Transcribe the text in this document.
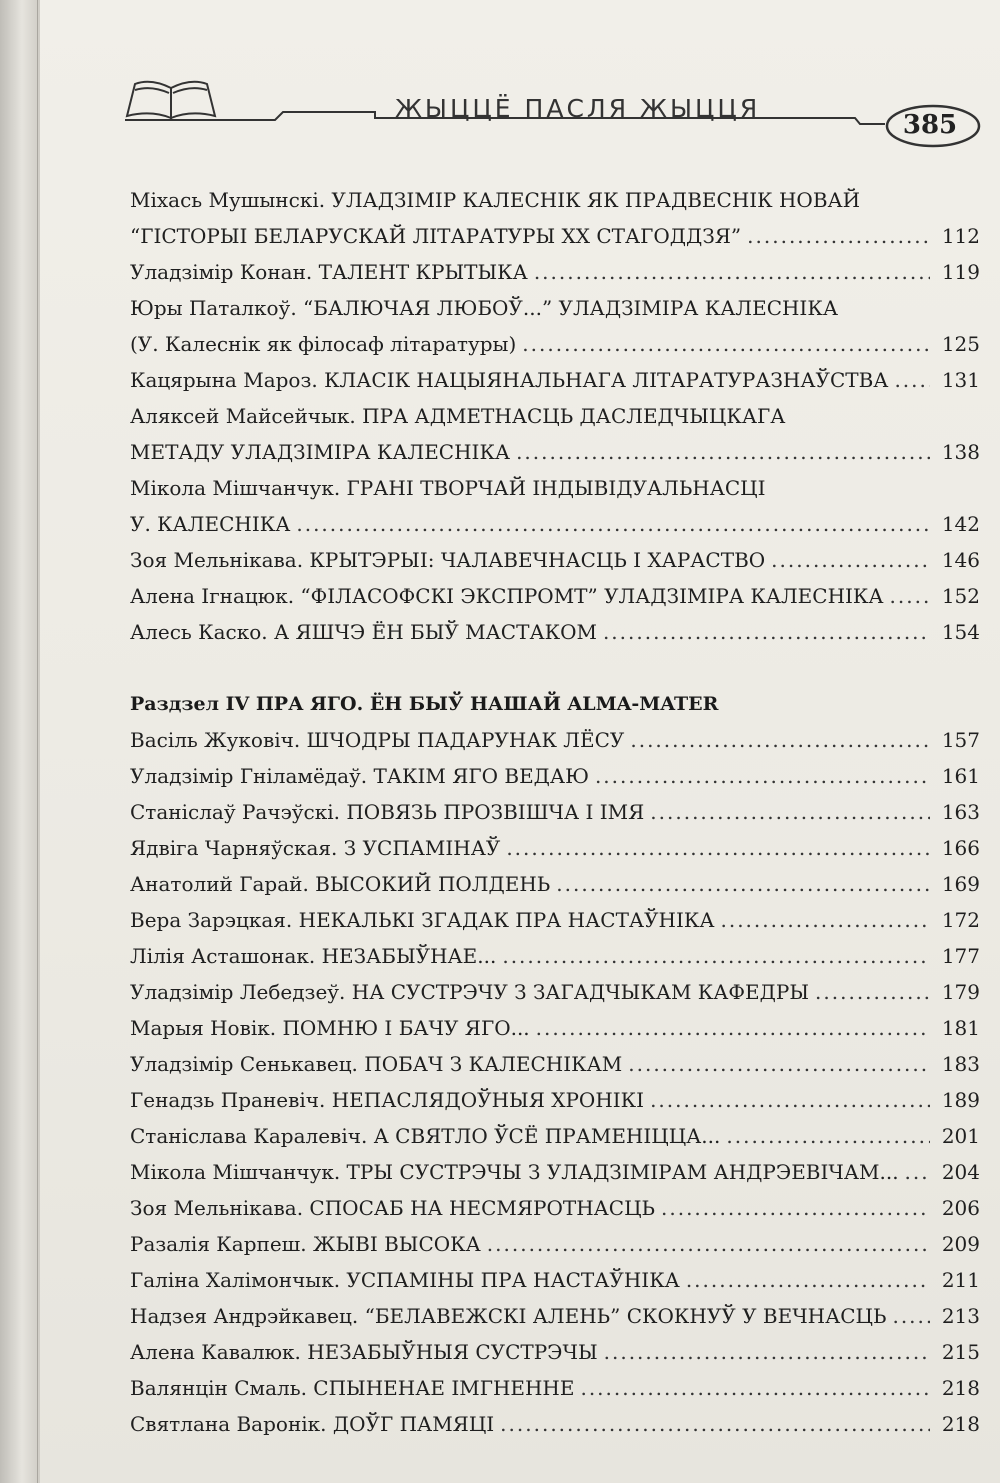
ЖЫЦЦЁ ПАСЛЯ ЖЫЦЦЯ
385
Міхась Мушынскі. УЛАДЗІМІР КАЛЕСНІК ЯК ПРАДВЕСНІК НОВАЙ
“ГІСТОРЫІ БЕЛАРУСКАЙ ЛІТАРАТУРЫ XX СТАГОДДЗЯ” .....	112
Уладзімір Конан. ТАЛЕНТ КРЫТЫКА .....	119
Юры Паталкоў. “БАЛЮЧАЯ ЛЮБОЎ...” УЛАДЗІМІРА КАЛЕСНІКА
(У. Калеснік як філосаф літаратуры) .....	125
Кацярына Мароз. КЛАСІК НАЦЫЯНАЛЬНАГА ЛІТАРАТУРАЗНАЎСТВА .....	131
Аляксей Майсейчык. ПРА АДМЕТНАСЦЬ ДАСЛЕДЧЫЦКАГА
МЕТАДУ УЛАДЗІМІРА КАЛЕСНІКА .....	138
Мікола Мішчанчук. ГРАНІ ТВОРЧАЙ ІНДЫВІДУАЛЬНАСЦІ
У. КАЛЕСНІКА .....	142
Зоя Мельнікава. КРЫТЭРЫІ: ЧАЛАВЕЧНАСЦЬ І ХАРАСТВО .....	146
Алена Ігнацюк. “ФІЛАСОФСКІ ЭКСПРОМТ” УЛАДЗІМІРА КАЛЕСНІКА .....	152
Алесь Каско. А ЯШЧЭ ЁН БЫЎ МАСТАКОМ .....	154
Раздзел IV ПРА ЯГО. ЁН БЫЎ НАШАЙ ALMA-MATER
Васіль Жуковіч. ШЧОДРЫ ПАДАРУНАК ЛЁСУ .....	157
Уладзімір Гніламёдаў. ТАКІМ ЯГО ВЕДАЮ .....	161
Станіслаў Рачэўскі. ПОВЯЗЬ ПРОЗВІШЧА І ІМЯ .....	163
Ядвіга Чарняўская. З УСПАМІНАЎ .....	166
Анатолий Гарай. ВЫСОКИЙ ПОЛДЕНЬ .....	169
Вера Зарэцкая. НЕКАЛЬКІ ЗГАДАК ПРА НАСТАЎНІКА .....	172
Лілія Асташонак. НЕЗАБЫЎНАЕ... .....	177
Уладзімір Лебедзеў. НА СУСТРЭЧУ З ЗАГАДЧЫКАМ КАФЕДРЫ .....	179
Марыя Новік. ПОМНЮ І БАЧУ ЯГО... .....	181
Уладзімір Сенькавец. ПОБАЧ З КАЛЕСНІКАМ .....	183
Генадзь Праневіч. НЕПАСЛЯДОЎНЫЯ ХРОНІКІ .....	189
Станіслава Каралевіч. А СВЯТЛО ЎСЁ ПРАМЕНІЦЦА... .....	201
Мікола Мішчанчук. ТРЫ СУСТРЭЧЫ З УЛАДЗІМІРАМ АНДРЭЕВІЧАМ... ..... 204
Зоя Мельнікава. СПОСАБ НА НЕСМЯРОТНАСЦЬ .....	206
Разалія Карпеш. ЖЫВІ ВЫСОКА .....	209
Галіна Халімончык. УСПАМІНЫ ПРА НАСТАЎНІКА .....	211
Надзея Андрэйкавец. “БЕЛАВЕЖСКІ АЛЕНЬ” СКОКНУЎ У ВЕЧНАСЦЬ .....	213
Алена Кавалюк. НЕЗАБЫЎНЫЯ СУСТРЭЧЫ .....	215
Валянцін Смаль. СПЫНЕНАЕ ІМГНЕННЕ .....	218
Святлана Варонік. ДОЎГ ПАМЯЦІ .....	218
